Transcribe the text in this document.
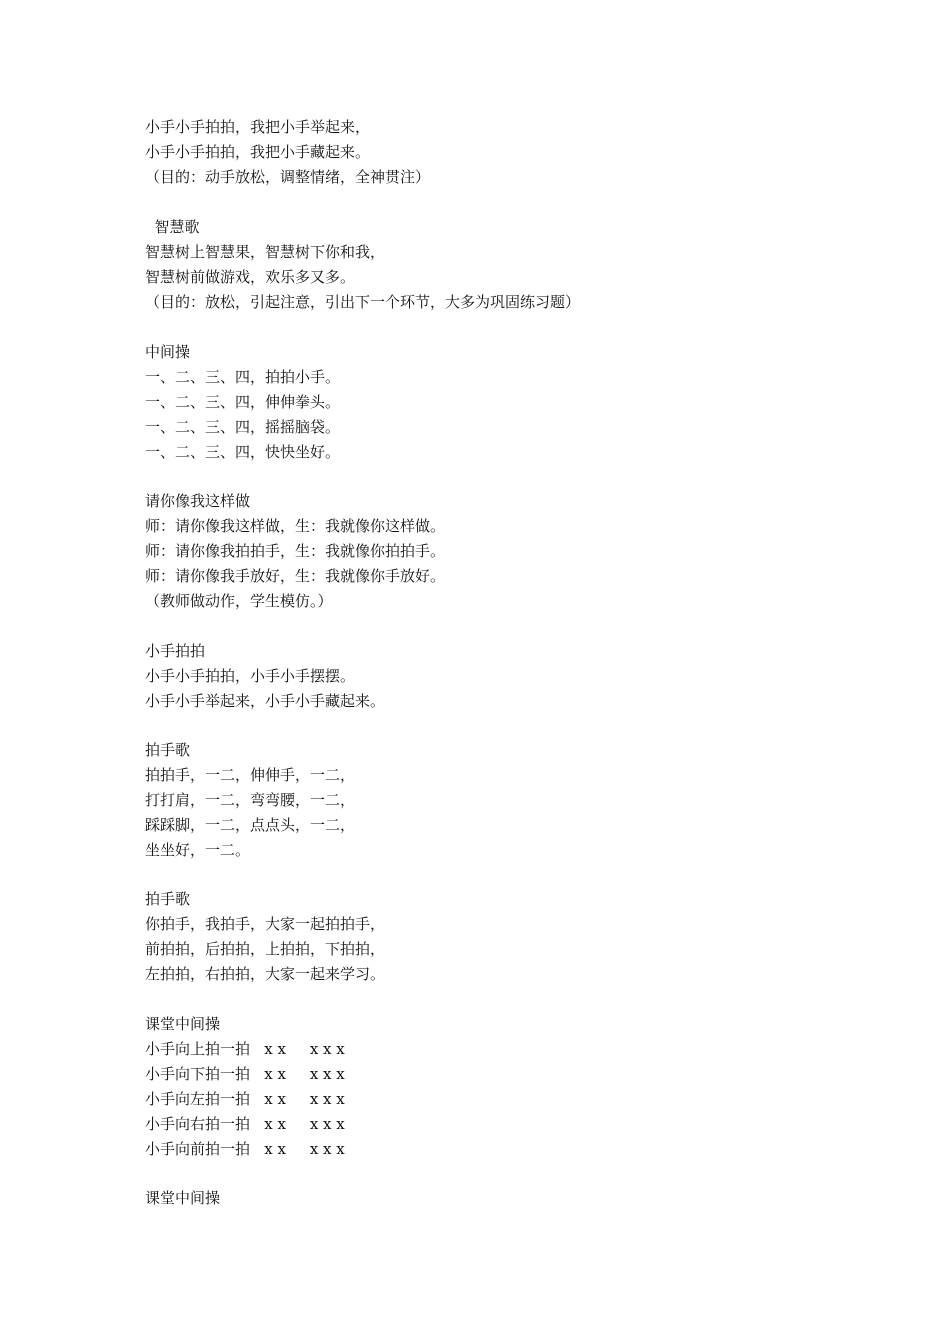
小手小手拍拍，我把小手举起来，
小手小手拍拍，我把小手藏起来。
（目的：动手放松，调整情绪，全神贯注）
智慧歌
智慧树上智慧果，智慧树下你和我，
智慧树前做游戏，欢乐多又多。
（目的：放松，引起注意，引出下一个环节，大多为巩固练习题）
中间操
一、二、三、四，拍拍小手。
一、二、三、四，伸伸拳头。
一、二、三、四，摇摇脑袋。
一、二、三、四，快快坐好。
请你像我这样做
师：请你像我这样做，生：我就像你这样做。
师：请你像我拍拍手，生：我就像你拍拍手。
师：请你像我手放好，生：我就像你手放好。
（教师做动作，学生模仿。）
小手拍拍
小手小手拍拍，小手小手摆摆。
小手小手举起来，小手小手藏起来。
拍手歌
拍拍手，一二，伸伸手，一二，
打打肩，一二，弯弯腰，一二，
踩踩脚，一二，点点头，一二，
坐坐好，一二。
拍手歌
你拍手，我拍手，大家一起拍拍手，
前拍拍，后拍拍，上拍拍，下拍拍，
左拍拍，右拍拍，大家一起来学习。
课堂中间操
小手向上拍一拍   x x     x x x
小手向下拍一拍   x x     x x x
小手向左拍一拍   x x     x x x
小手向右拍一拍   x x     x x x
小手向前拍一拍   x x     x x x
课堂中间操
